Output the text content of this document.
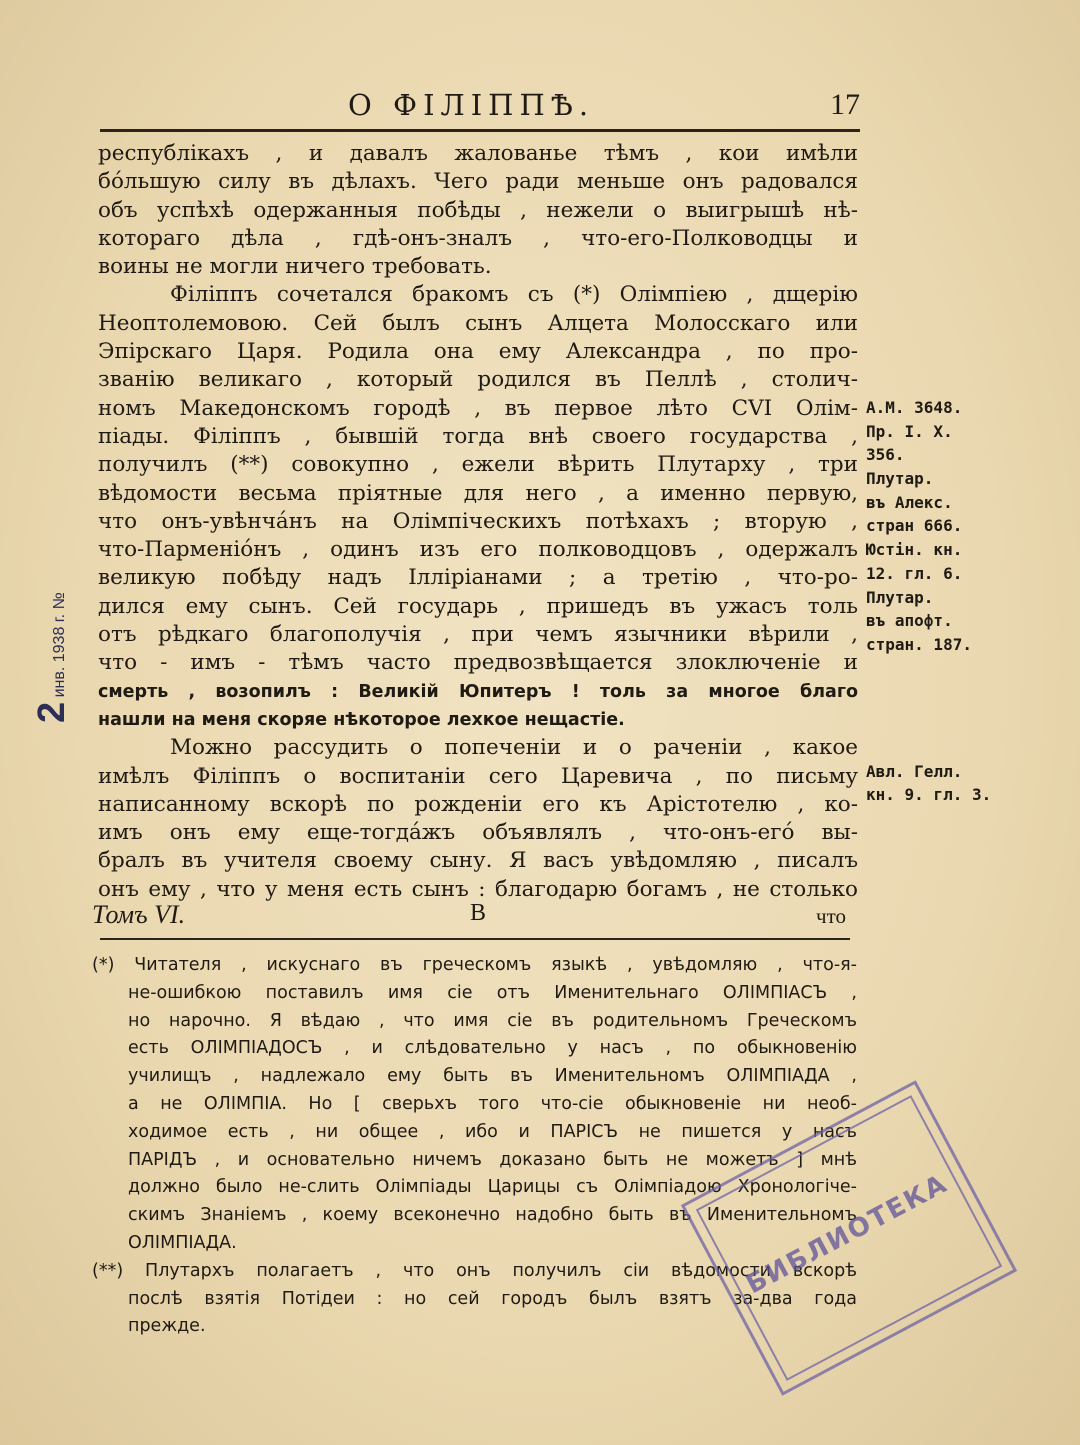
О ФІЛІППѢ.	17
республікахъ , и давалъ жалованье тѣмъ , кои имѣли
бо́льшую силу въ дѣлахъ. Чего ради меньше онъ радовался
объ успѣхѣ одержанныя побѣды , нежели о выигрышѣ нѣ-
котораго дѣла , гдѣ-онъ-зналъ , что-его-Полководцы и
воины не могли ничего требовать.
Філіппъ сочетался бракомъ съ (*) Олімпіею , дщерію
Неоптолемовою. Сей былъ сынъ Алцета Молосскаго или
Эпірскаго Царя. Родила она ему Александра , по про-
званію великаго , который родился въ Пеллѣ , столич-
номъ Македонскомъ городѣ , въ первое лѣто CVI Олім-
піады. Філіппъ , бывшій тогда внѣ своего государства ,
получилъ (**) совокупно , ежели вѣрить Плутарху , три
вѣдомости весьма пріятные для него , а именно первую,
что онъ-увѣнча́нъ на Олімпіческихъ потѣхахъ ; вторую ,
что-Парменіо́нъ , одинъ изъ его полководцовъ , одержалъ
великую побѣду надъ Іллірiанами ; а третію , что-ро-
дился ему сынъ. Сей государь , пришедъ въ ужасъ толь
отъ рѣдкаго благополучія , при чемъ язычники вѣрили ,
что - имъ - тѣмъ часто предвозвѣщается злоключеніе и
смерть , возопилъ : Великій Юпитеръ ! толь за многое благо
нашли на меня скоряе нѣкоторое лехкое нещастіе.
Можно рассудить о попеченіи и о раченіи , какое
имѣлъ Філіппъ о воспитаніи сего Царевича , по письму
написанному вскорѣ по рожденіи его къ Арістотелю , ко-
имъ онъ ему еще-тогда́жъ объявлялъ , что-онъ-его́ вы-
бралъ въ учителя своему сыну. Я васъ увѣдомляю , писалъ
онъ ему , что у меня есть сынъ : благодарю богамъ , не столько
Томъ VI.	B	что
(*) Читателя , искуснаго въ греческомъ языкѣ , увѣдомляю , что-я-
не-ошибкою поставилъ имя сіе отъ Именительнаго ОЛІМПІАСЪ ,
но нарочно. Я вѣдаю , что имя сіе въ родительномъ Греческомъ
есть ОЛІМПІАДОСЪ , и слѣдовательно у насъ , по обыкновенію
училищъ , надлежало ему быть въ Именительномъ ОЛІМПІАДА ,
а не ОЛІМПІА. Но [ сверьхъ того что-сіе обыкновеніе ни необ-
ходимое есть , ни общее , ибо и ПАРІСЪ не пишется у насъ
ПАРІДЪ , и основательно ничемъ доказано быть не можетъ ] мнѣ
должно было не-слить Олімпіады Царицы съ Олімпіадою Хронологіче-
скимъ Знаніемъ , коему всеконечно надобно быть въ Именительномъ
ОЛІМПІАДА.
(**) Плутархъ полагаетъ , что онъ получилъ сіи вѣдомости вскорѣ
послѣ взятія Потідеи : но сей городъ былъ взятъ за-два года
прежде.
А.М. 3648.
Пр. I. X.
356.
Плутар.
въ Алекс.
стран 666.
Юстін. кн.
12. гл. 6.
Плутар.
въ апофт.
стран. 187.
Авл. Гелл.
кн. 9. гл. 3.
2 инв. 1938 г. №
БИБЛИОТЕКА
